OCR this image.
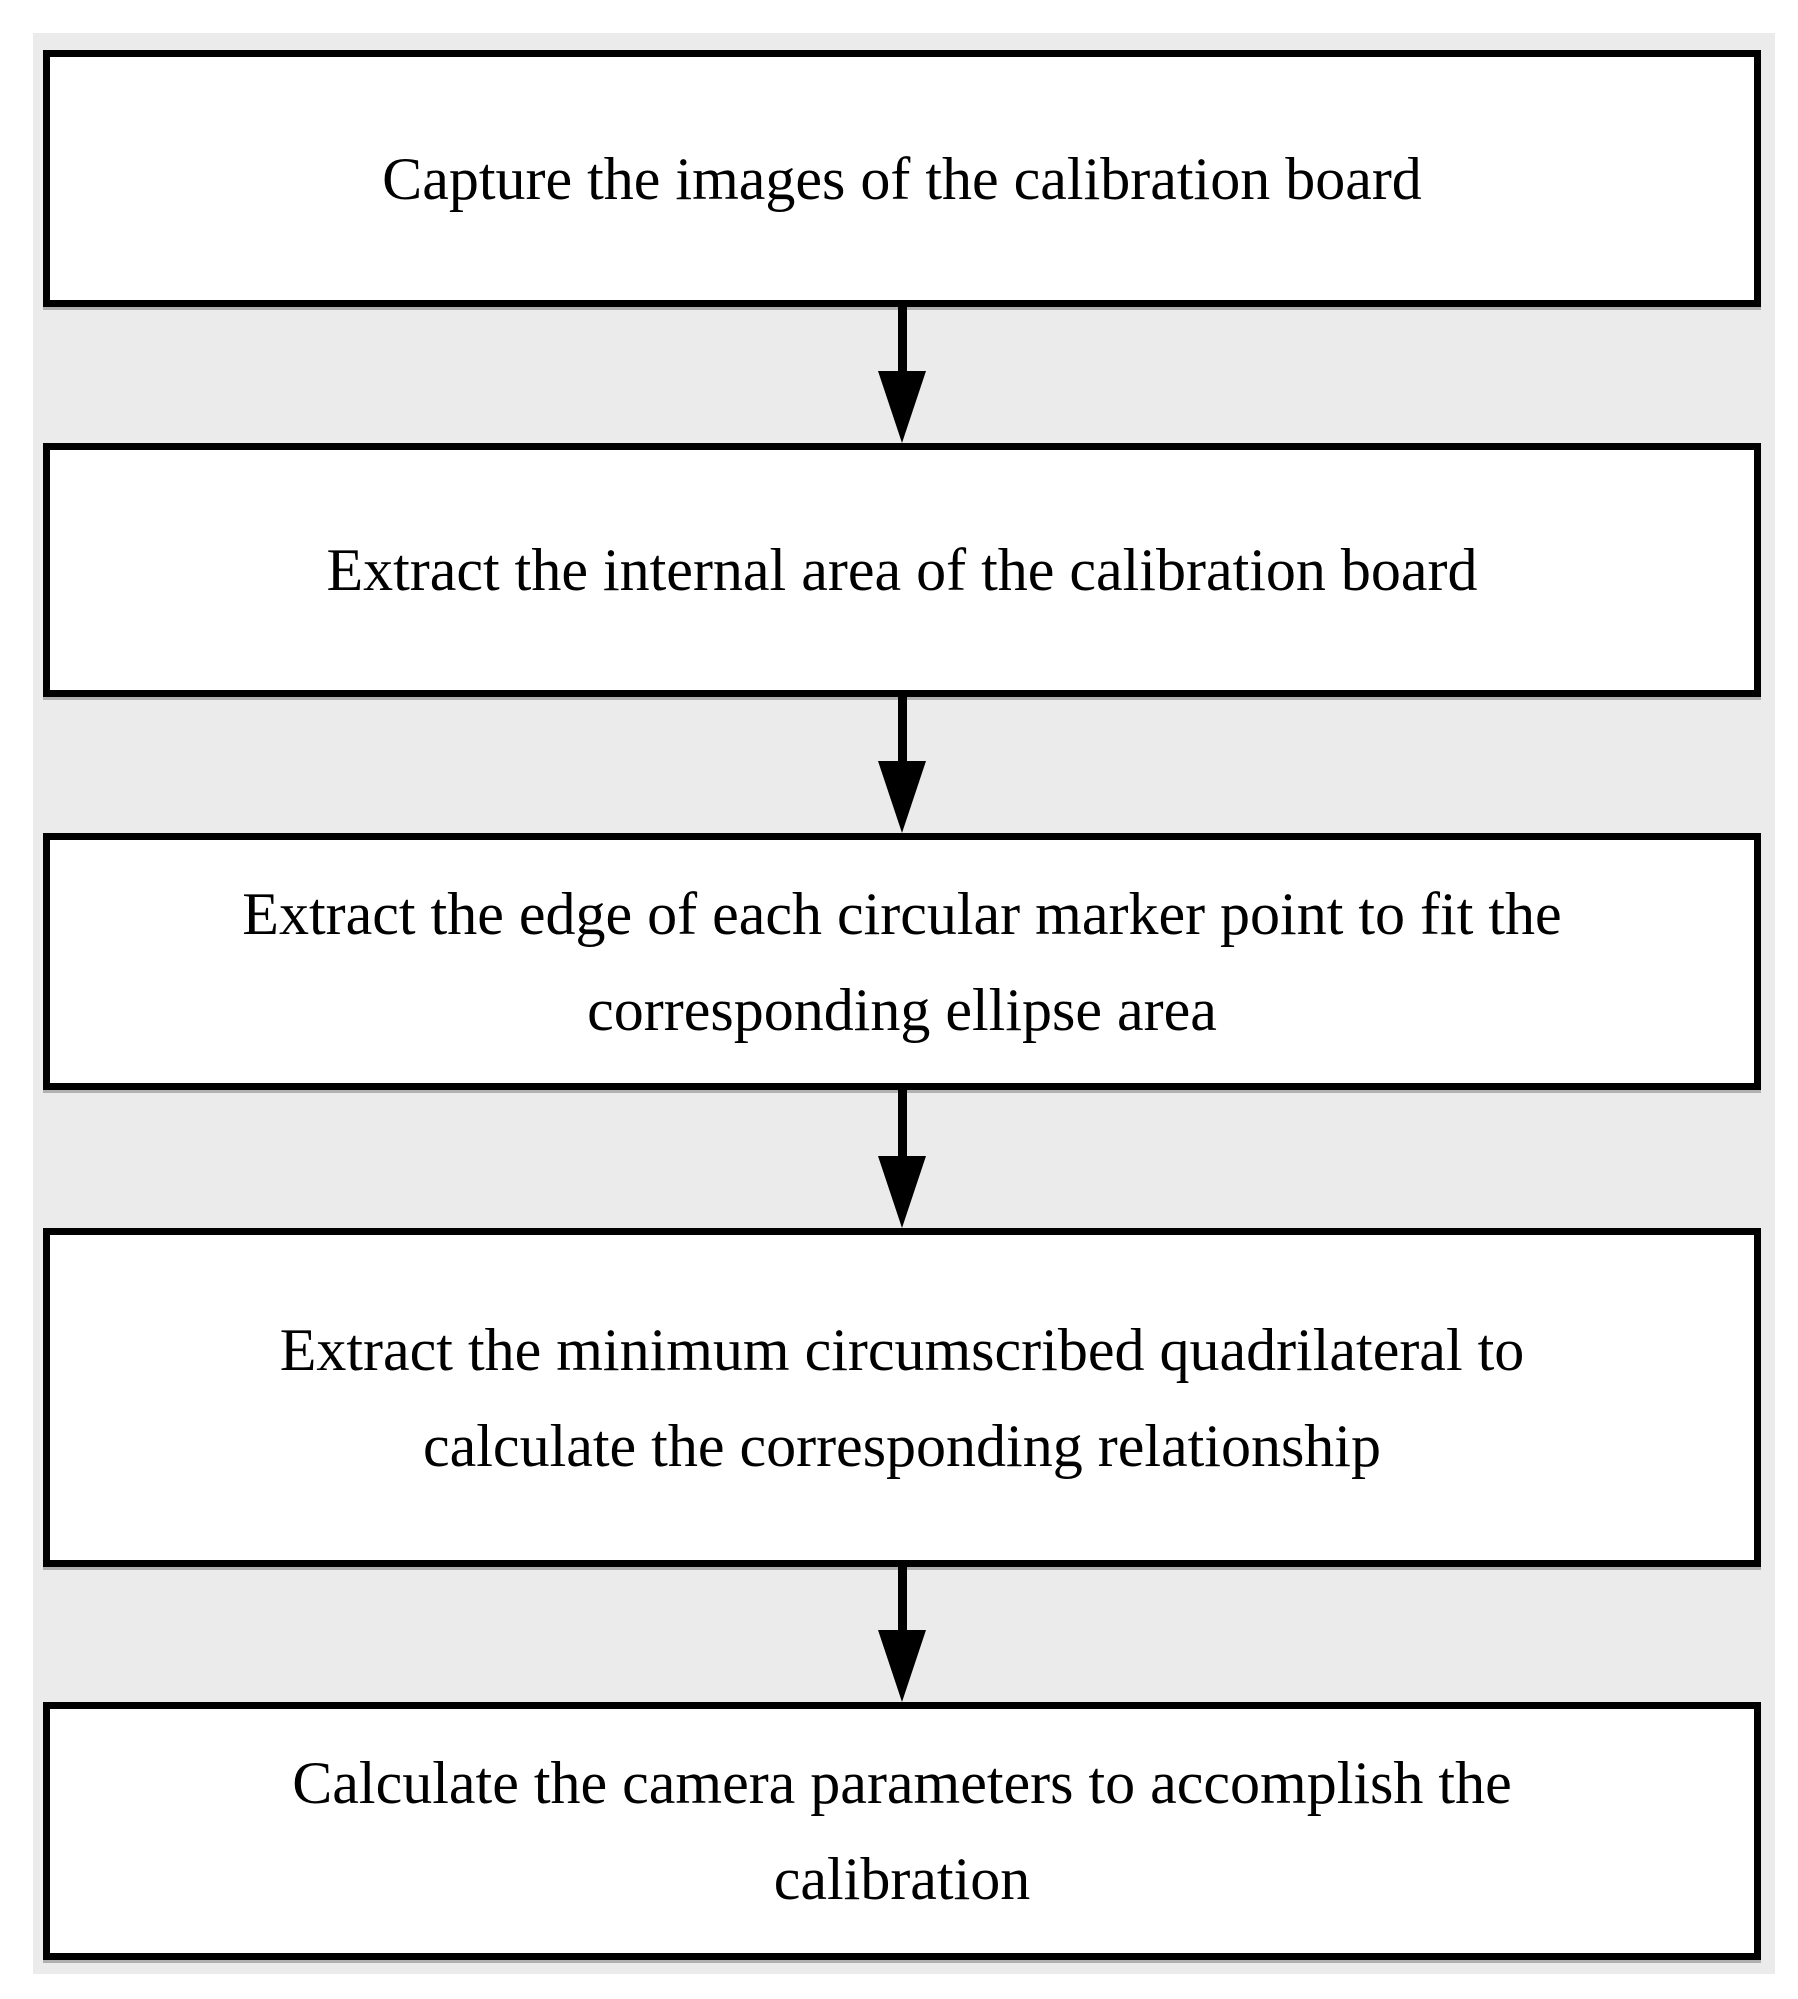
Capture the images of the calibration board
Extract the internal area of the calibration board
Extract the edge of each circular marker point to fit the
corresponding ellipse area
Extract the minimum circumscribed quadrilateral to
calculate the corresponding relationship
Calculate the camera parameters to accomplish the
calibration
